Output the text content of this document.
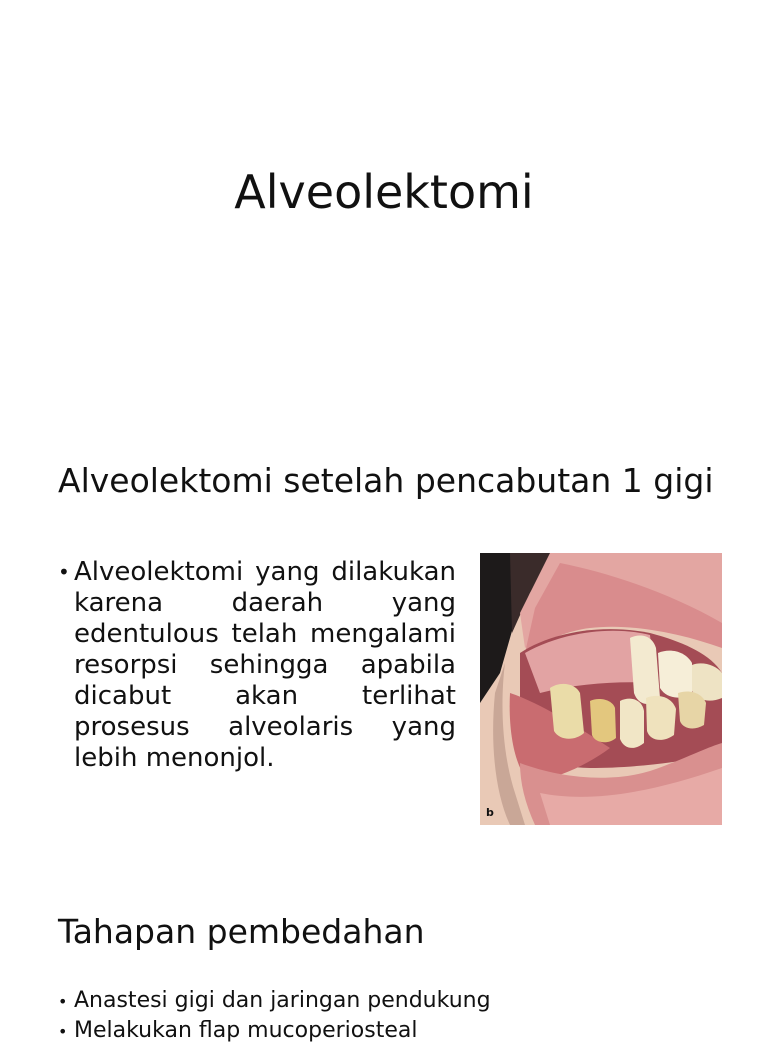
Alveolektomi
Alveolektomi setelah pencabutan 1 gigi
• Alveolektomi yang dilakukan karena daerah yang edentulous telah mengalami resorpsi sehingga apabila dicabut akan terlihat prosesus alveolaris yang lebih menonjol.
b
Tahapan pembedahan
• Anastesi gigi dan jaringan pendukung
• Melakukan flap mucoperiosteal
